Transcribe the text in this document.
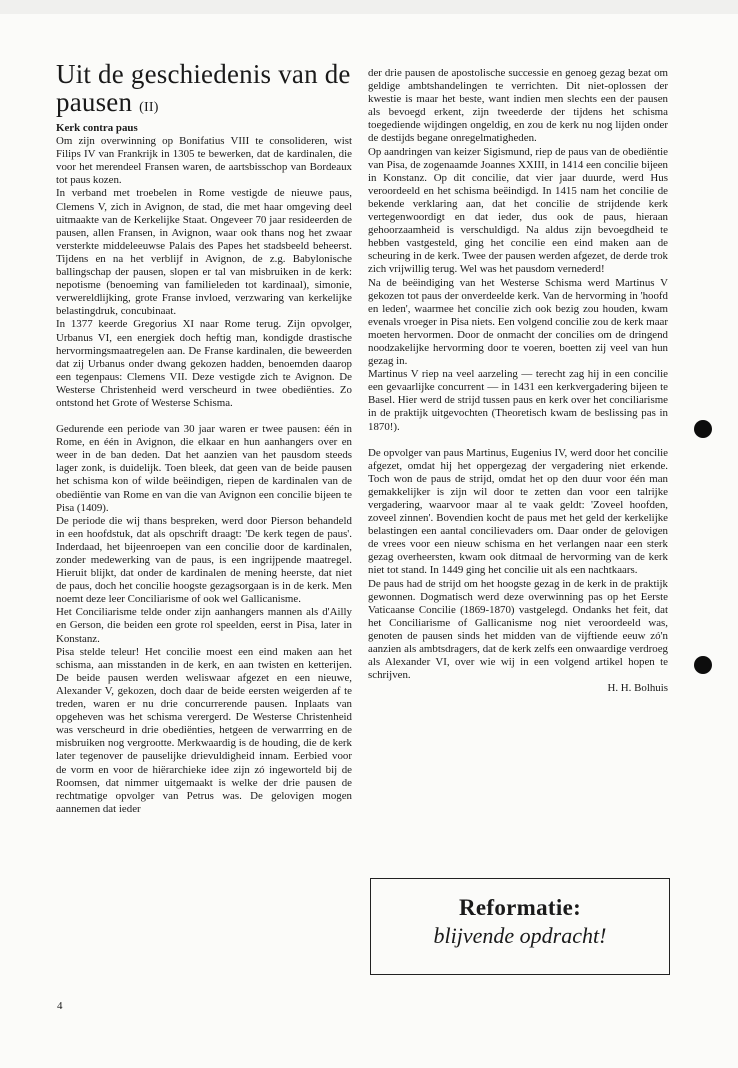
Uit de geschiedenis van de pausen (II)
Kerk contra paus

Om zijn overwinning op Bonifatius VIII te consolideren, wist Filips IV van Frankrijk in 1305 te bewerken, dat de kardinalen, die voor het merendeel Fransen waren, de aartsbisschop van Bordeaux tot paus kozen.

In verband met troebelen in Rome vestigde de nieuwe paus, Clemens V, zich in Avignon, de stad, die met haar omgeving deel uitmaakte van de Kerkelijke Staat. Ongeveer 70 jaar resideerden de pausen, allen Fransen, in Avignon, waar ook thans nog het zwaar versterkte middeleeuwse Palais des Papes het stadsbeeld beheerst. Tijdens en na het verblijf in Avignon, de z.g. Babylonische ballingschap der pausen, slopen er tal van misbruiken in de kerk: nepotisme (benoeming van familieleden tot kardinaal), simonie, verwereldlijking, grote Franse invloed, verzwaring van kerkelijke belastingdruk, concubinaat.

In 1377 keerde Gregorius XI naar Rome terug. Zijn opvolger, Urbanus VI, een energiek doch heftig man, kondigde drastische hervormingsmaatregelen aan. De Franse kardinalen, die beweerden dat zij Urbanus onder dwang gekozen hadden, benoemden daarop een tegenpaus: Clemens VII. Deze vestigde zich te Avignon. De Westerse Christenheid werd verscheurd in twee obediënties. Zo ontstond het Grote of Westerse Schisma.

Gedurende een periode van 30 jaar waren er twee pausen: één in Rome, en één in Avignon, die elkaar en hun aanhangers over en weer in de ban deden. Dat het aanzien van het pausdom steeds lager zonk, is duidelijk. Toen bleek, dat geen van de beide pausen het schisma kon of wilde beëindigen, riepen de kardinalen van de obediëntie van Rome en van die van Avignon een concilie bijeen te Pisa (1409).

De periode die wij thans bespreken, werd door Pierson behandeld in een hoofdstuk, dat als opschrift draagt: 'De kerk tegen de paus'. Inderdaad, het bijeenroepen van een concilie door de kardinalen, zonder medewerking van de paus, is een ingrijpende maatregel. Hieruit blijkt, dat onder de kardinalen de mening heerste, dat niet de paus, doch het concilie hoogste gezagsorgaan is in de kerk. Men noemt deze leer Conciliarisme of ook wel Gallicanisme.

Het Conciliarisme telde onder zijn aanhangers mannen als d'Ailly en Gerson, die beiden een grote rol speelden, eerst in Pisa, later in Konstanz.

Pisa stelde teleur! Het concilie moest een eind maken aan het schisma, aan misstanden in de kerk, en aan twisten en ketterijen. De beide pausen werden weliswaar afgezet en een nieuwe, Alexander V, gekozen, doch daar de beide eersten weigerden af te treden, waren er nu drie concurrerende pausen. Inplaats van opgeheven was het schisma verergerd. De Westerse Christenheid was verscheurd in drie obediënties, hetgeen de verwarrring en de misbruiken nog vergrootte. Merkwaardig is de houding, die de kerk later tegenover de pauselijke drievuldigheid innam. Eerbied voor de vorm en voor de hiërarchieke idee zijn zó ingeworteld bij de Roomsen, dat nimmer uitgemaakt is welke der drie pausen de rechtmatige opvolger van Petrus was. De gelovigen mogen aannemen dat ieder

der drie pausen de apostolische successie en genoeg gezag bezat om geldige ambtshandelingen te verrichten. Dit niet-oplossen der kwestie is maar het beste, want indien men slechts een der pausen als bevoegd erkent, zijn tweederde der tijdens het schisma toegediende wijdingen ongeldig, en zou de kerk nu nog lijden onder de destijds begane onregelmatigheden.

Op aandringen van keizer Sigismund, riep de paus van de obediëntie van Pisa, de zogenaamde Joannes XXIII, in 1414 een concilie bijeen in Konstanz. Op dit concilie, dat vier jaar duurde, werd Hus veroordeeld en het schisma beëindigd. In 1415 nam het concilie de bekende verklaring aan, dat het concilie de strijdende kerk vertegenwoordigt en dat ieder, dus ook de paus, hieraan gehoorzaamheid is verschuldigd. Na aldus zijn bevoegdheid te hebben vastgesteld, ging het concilie een eind maken aan de scheuring in de kerk. Twee der pausen werden afgezet, de derde trok zich vrijwillig terug. Wel was het pausdom vernederd!

Na de beëindiging van het Westerse Schisma werd Martinus V gekozen tot paus der onverdeelde kerk. Van de hervorming in 'hoofd en leden', waarmee het concilie zich ook bezig zou houden, kwam evenals vroeger in Pisa niets. Een volgend concilie zou de kerk maar moeten hervormen. Door de onmacht der concilies om de dringend noodzakelijke hervorming door te voeren, boetten zij veel van hun gezag in.

Martinus V riep na veel aarzeling — terecht zag hij in een concilie een gevaarlijke concurrent — in 1431 een kerkvergadering bijeen te Basel. Hier werd de strijd tussen paus en kerk over het conciliarisme in de praktijk uitgevochten (Theoretisch kwam de beslissing pas in 1870!).

De opvolger van paus Martinus, Eugenius IV, werd door het concilie afgezet, omdat hij het oppergezag der vergadering niet erkende. Toch won de paus de strijd, omdat het op den duur voor één man gemakkelijker is zijn wil door te zetten dan voor een talrijke vergadering, waarvoor maar al te vaak geldt: 'Zoveel hoofden, zoveel zinnen'. Bovendien kocht de paus met het geld der kerkelijke belastingen een aantal concilievaders om. Daar onder de gelovigen de vrees voor een nieuw schisma en het verlangen naar een sterk gezag overheersten, kwam ook ditmaal de hervorming van de kerk niet tot stand. In 1449 ging het concilie uit als een nachtkaars.

De paus had de strijd om het hoogste gezag in de kerk in de praktijk gewonnen. Dogmatisch werd deze overwinning pas op het Eerste Vaticaanse Concilie (1869-1870) vastgelegd. Ondanks het feit, dat het Conciliarisme of Gallicanisme nog niet veroordeeld was, genoten de pausen sinds het midden van de vijftiende eeuw zó'n aanzien als ambtsdragers, dat de kerk zelfs een onwaardige verdroeg als Alexander VI, over wie wij in een volgend artikel hopen te schrijven.

H. H. Bolhuis

Reformatie:
blijvende opdracht!
4
